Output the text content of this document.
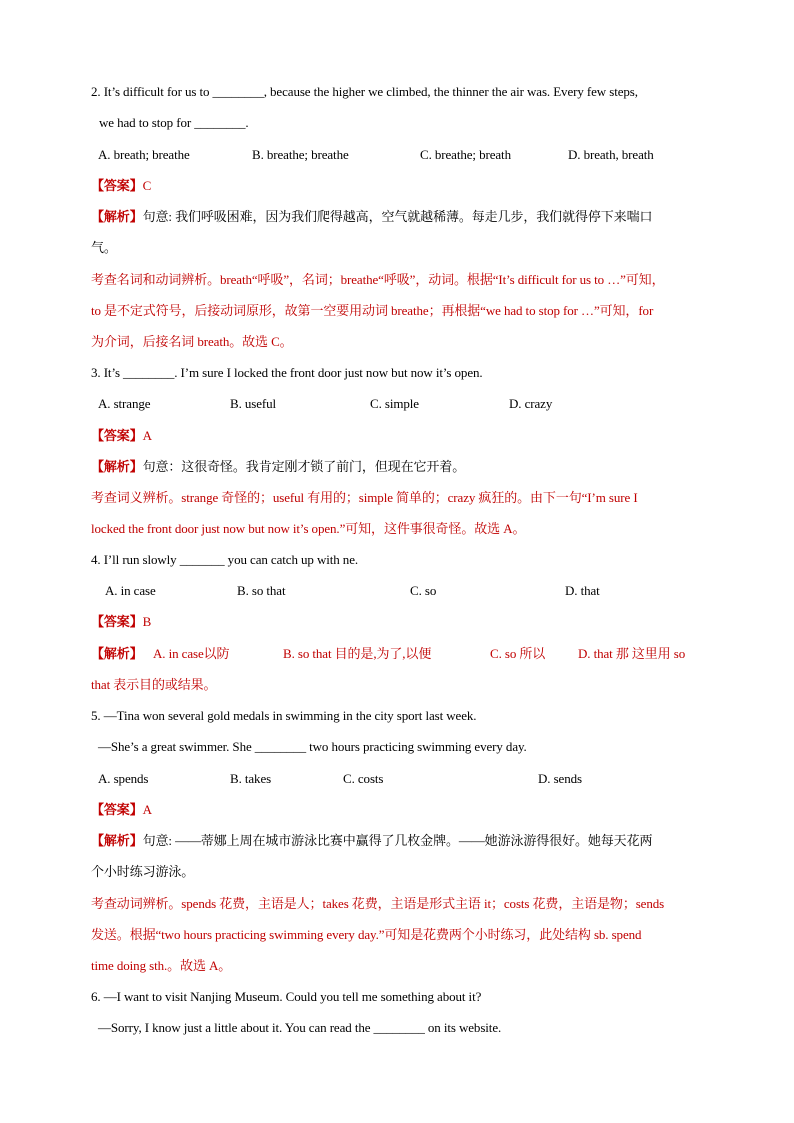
2. It’s difficult for us to ________, because the higher we climbed, the thinner the air was. Every few steps,
we had to stop for ________.
A. breath; breathe	B. breathe; breathe	C. breathe; breath	D. breath, breath
【答案】C
【解析】句意: 我们呼吸困难，因为我们爬得越高，空气就越稀薄。每走几步，我们就得停下来喘口
气。
考查名词和动词辨析。breath“呼吸”，名词；breathe“呼吸”，动词。根据“It’s difficult for us to …”可知，
to 是不定式符号，后接动词原形，故第一空要用动词 breathe；再根据“we had to stop for …”可知，for
为介词，后接名词 breath。故选 C。
3. It’s ________. I’m sure I locked the front door just now but now it’s open.
A. strange	B. useful	C. simple	D. crazy
【答案】A
【解析】句意：这很奇怪。我肯定刚才锁了前门，但现在它开着。
考查词义辨析。strange 奇怪的；useful 有用的；simple 简单的；crazy 疯狂的。由下一句“I’m sure I
locked the front door just now but now it’s open.”可知，这件事很奇怪。故选 A。
4. I’ll run slowly _______ you can catch up with ne.
A. in case	B. so that	C. so	D. that
【答案】B
【解析】 A. in case以防	B. so that 目的是,为了,以便	C. so 所以	D. that 那 这里用 so
that 表示目的或结果。
5. —Tina won several gold medals in swimming in the city sport last week.
—She’s a great swimmer. She ________ two hours practicing swimming every day.
A. spends	B. takes	C. costs	D. sends
【答案】A
【解析】句意: ——蒂娜上周在城市游泳比赛中赢得了几枚金牌。——她游泳游得很好。她每天花两
个小时练习游泳。
考查动词辨析。spends 花费，主语是人；takes 花费，主语是形式主语 it；costs 花费，主语是物；sends
发送。根据“two hours practicing swimming every day.”可知是花费两个小时练习，此处结构 sb. spend
time doing sth.。故选 A。
6. —I want to visit Nanjing Museum. Could you tell me something about it?
—Sorry, I know just a little about it. You can read the ________ on its website.
